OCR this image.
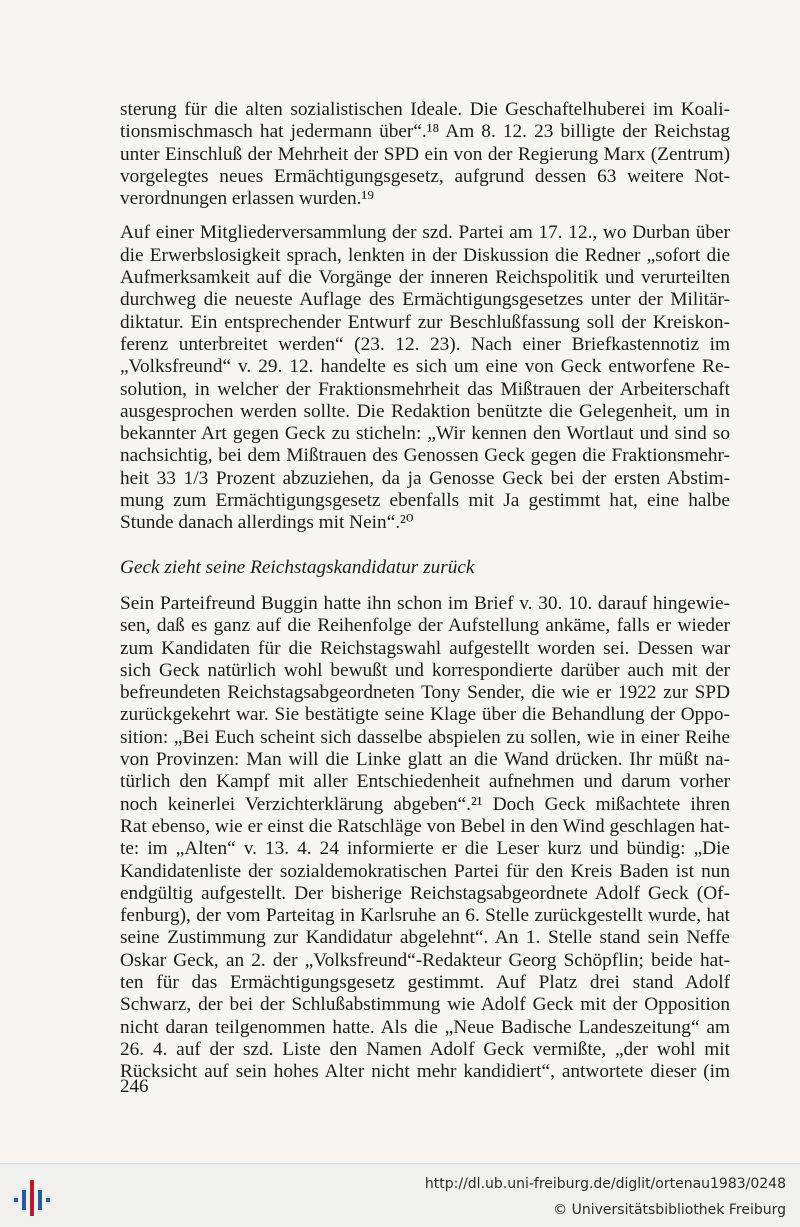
sterung für die alten sozialistischen Ideale. Die Geschaftelhuberei im Koali-
tionsmischmasch hat jedermann über“.¹⁸ Am 8. 12. 23 billigte der Reichstag
unter Einschluß der Mehrheit der SPD ein von der Regierung Marx (Zentrum)
vorgelegtes neues Ermächtigungsgesetz, aufgrund dessen 63 weitere Not-
verordnungen erlassen wurden.¹⁹

Auf einer Mitgliederversammlung der szd. Partei am 17. 12., wo Durban über
die Erwerbslosigkeit sprach, lenkten in der Diskussion die Redner „sofort die
Aufmerksamkeit auf die Vorgänge der inneren Reichspolitik und verurteilten
durchweg die neueste Auflage des Ermächtigungsgesetzes unter der Militär-
diktatur. Ein entsprechender Entwurf zur Beschlußfassung soll der Kreiskon-
ferenz unterbreitet werden“ (23. 12. 23). Nach einer Briefkastennotiz im
„Volksfreund“ v. 29. 12. handelte es sich um eine von Geck entworfene Re-
solution, in welcher der Fraktionsmehrheit das Mißtrauen der Arbeiterschaft
ausgesprochen werden sollte. Die Redaktion benützte die Gelegenheit, um in
bekannter Art gegen Geck zu sticheln: „Wir kennen den Wortlaut und sind so
nachsichtig, bei dem Mißtrauen des Genossen Geck gegen die Fraktionsmehr-
heit 33 1/3 Prozent abzuziehen, da ja Genosse Geck bei der ersten Abstim-
mung zum Ermächtigungsgesetz ebenfalls mit Ja gestimmt hat, eine halbe
Stunde danach allerdings mit Nein“.²⁰

Geck zieht seine Reichstagskandidatur zurück

Sein Parteifreund Buggin hatte ihn schon im Brief v. 30. 10. darauf hingewie-
sen, daß es ganz auf die Reihenfolge der Aufstellung ankäme, falls er wieder
zum Kandidaten für die Reichstagswahl aufgestellt worden sei. Dessen war
sich Geck natürlich wohl bewußt und korrespondierte darüber auch mit der
befreundeten Reichstagsabgeordneten Tony Sender, die wie er 1922 zur SPD
zurückgekehrt war. Sie bestätigte seine Klage über die Behandlung der Oppo-
sition: „Bei Euch scheint sich dasselbe abspielen zu sollen, wie in einer Reihe
von Provinzen: Man will die Linke glatt an die Wand drücken. Ihr müßt na-
türlich den Kampf mit aller Entschiedenheit aufnehmen und darum vorher
noch keinerlei Verzichterklärung abgeben“.²¹ Doch Geck mißachtete ihren
Rat ebenso, wie er einst die Ratschläge von Bebel in den Wind geschlagen hat-
te: im „Alten“ v. 13. 4. 24 informierte er die Leser kurz und bündig: „Die
Kandidatenliste der sozialdemokratischen Partei für den Kreis Baden ist nun
endgültig aufgestellt. Der bisherige Reichstagsabgeordnete Adolf Geck (Of-
fenburg), der vom Parteitag in Karlsruhe an 6. Stelle zurückgestellt wurde, hat
seine Zustimmung zur Kandidatur abgelehnt“. An 1. Stelle stand sein Neffe
Oskar Geck, an 2. der „Volksfreund“-Redakteur Georg Schöpflin; beide hat-
ten für das Ermächtigungsgesetz gestimmt. Auf Platz drei stand Adolf
Schwarz, der bei der Schlußabstimmung wie Adolf Geck mit der Opposition
nicht daran teilgenommen hatte. Als die „Neue Badische Landeszeitung“ am
26. 4. auf der szd. Liste den Namen Adolf Geck vermißte, „der wohl mit
Rücksicht auf sein hohes Alter nicht mehr kandidiert“, antwortete dieser (im

246
http://dl.ub.uni-freiburg.de/diglit/ortenau1983/0248
© Universitätsbibliothek Freiburg
